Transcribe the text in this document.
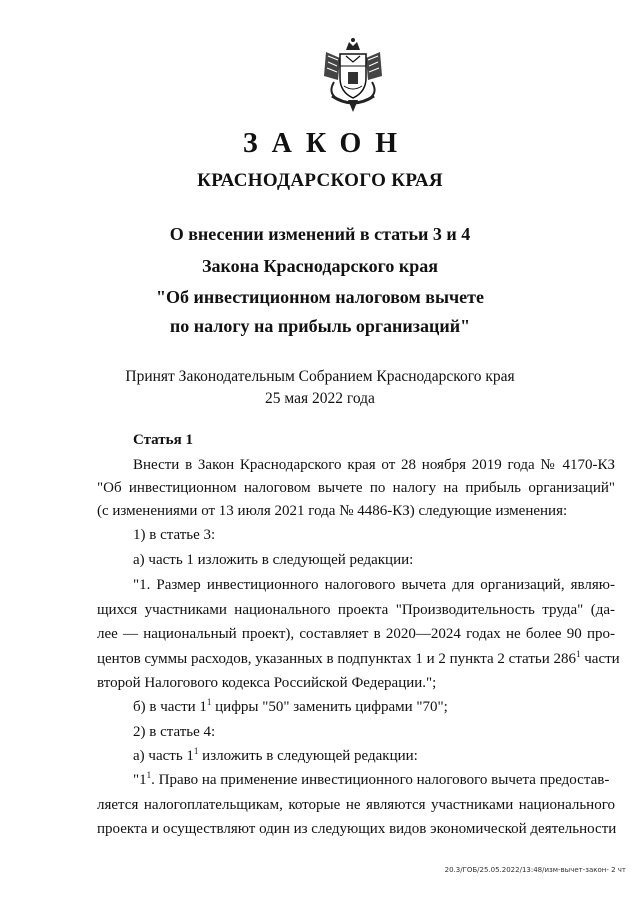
ЗАКОН
КРАСНОДАРСКОГО КРАЯ
О внесении изменений в статьи 3 и 4
Закона Краснодарского края
"Об инвестиционном налоговом вычете
по налогу на прибыль организаций"
Принят Законодательным Собранием Краснодарского края
25 мая 2022 года
Статья 1
Внести в Закон Краснодарского края от 28 ноября 2019 года № 4170-КЗ
"Об инвестиционном налоговом вычете по налогу на прибыль организаций"
(с изменениями от 13 июля 2021 года № 4486-КЗ) следующие изменения:
1) в статье 3:
а) часть 1 изложить в следующей редакции:
"1. Размер инвестиционного налогового вычета для организаций, являю-
щихся участниками национального проекта "Производительность труда" (да-
лее — национальный проект), составляет в 2020—2024 годах не более 90 про-
центов суммы расходов, указанных в подпунктах 1 и 2 пункта 2 статьи $286^1$ части
второй Налогового кодекса Российской Федерации.";
б) в части $1^1$ цифры "50" заменить цифрами "70";
2) в статье 4:
а) часть $1^1$ изложить в следующей редакции:
"$1^1$. Право на применение инвестиционного налогового вычета предостав-
ляется налогоплательщикам, которые не являются участниками национального
проекта и осуществляют один из следующих видов экономической деятельности
20.3/ГОБ/25.05.2022/13:48/изм-вычет-закон- 2 чт
